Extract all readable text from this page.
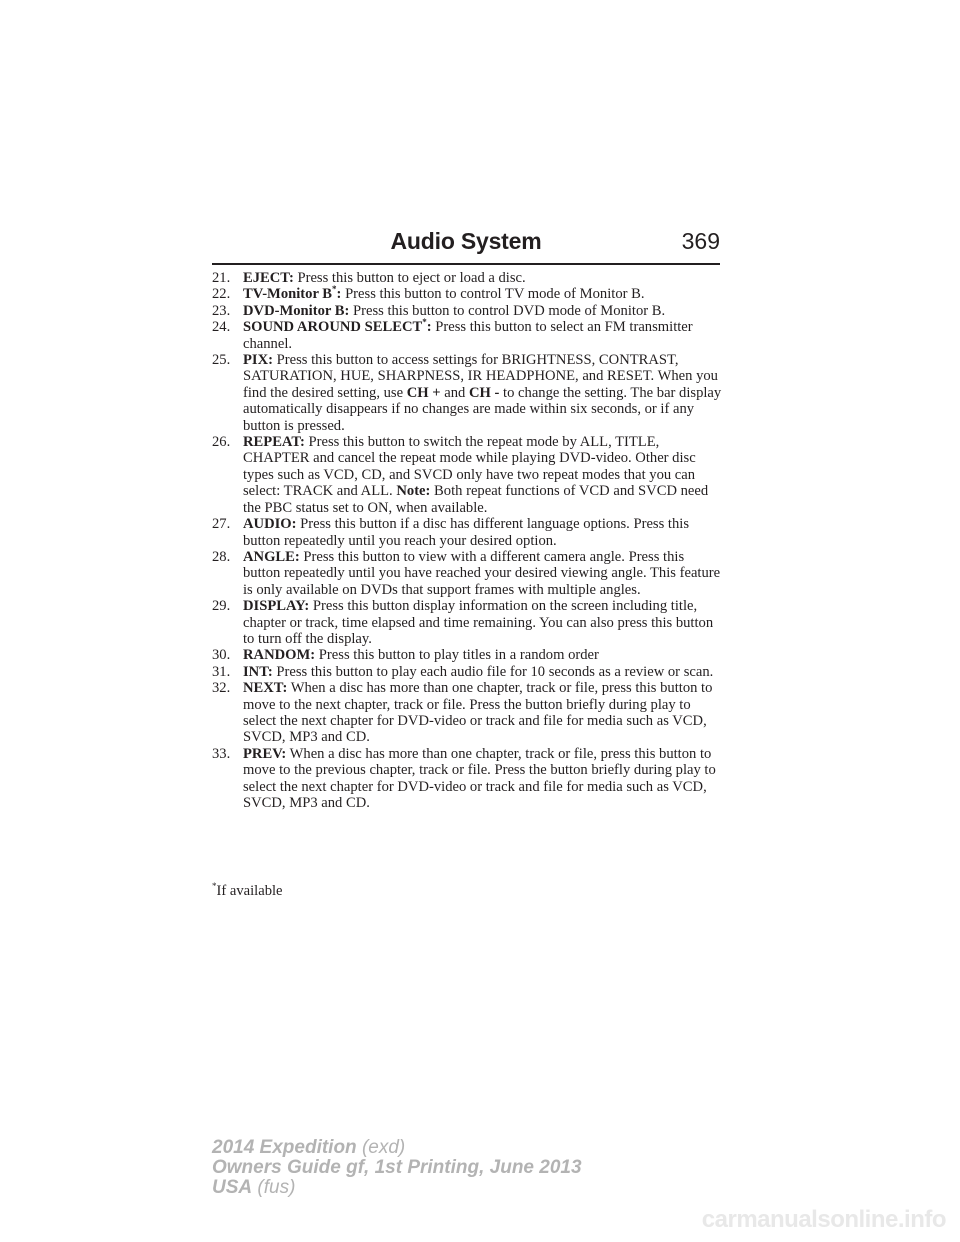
Audio System	369
21. EJECT: Press this button to eject or load a disc.
22. TV-Monitor B*: Press this button to control TV mode of Monitor B.
23. DVD-Monitor B: Press this button to control DVD mode of Monitor B.
24. SOUND AROUND SELECT*: Press this button to select an FM transmitter channel.
25. PIX: Press this button to access settings for BRIGHTNESS, CONTRAST, SATURATION, HUE, SHARPNESS, IR HEADPHONE, and RESET. When you find the desired setting, use CH + and CH - to change the setting. The bar display automatically disappears if no changes are made within six seconds, or if any button is pressed.
26. REPEAT: Press this button to switch the repeat mode by ALL, TITLE, CHAPTER and cancel the repeat mode while playing DVD-video. Other disc types such as VCD, CD, and SVCD only have two repeat modes that you can select: TRACK and ALL. Note: Both repeat functions of VCD and SVCD need the PBC status set to ON, when available.
27. AUDIO: Press this button if a disc has different language options. Press this button repeatedly until you reach your desired option.
28. ANGLE: Press this button to view with a different camera angle. Press this button repeatedly until you have reached your desired viewing angle. This feature is only available on DVDs that support frames with multiple angles.
29. DISPLAY: Press this button display information on the screen including title, chapter or track, time elapsed and time remaining. You can also press this button to turn off the display.
30. RANDOM: Press this button to play titles in a random order
31. INT: Press this button to play each audio file for 10 seconds as a review or scan.
32. NEXT: When a disc has more than one chapter, track or file, press this button to move to the next chapter, track or file. Press the button briefly during play to select the next chapter for DVD-video or track and file for media such as VCD, SVCD, MP3 and CD.
33. PREV: When a disc has more than one chapter, track or file, press this button to move to the previous chapter, track or file. Press the button briefly during play to select the next chapter for DVD-video or track and file for media such as VCD, SVCD, MP3 and CD.
*If available
2014 Expedition (exd)
Owners Guide gf, 1st Printing, June 2013
USA (fus)
carmanualsonline.info
